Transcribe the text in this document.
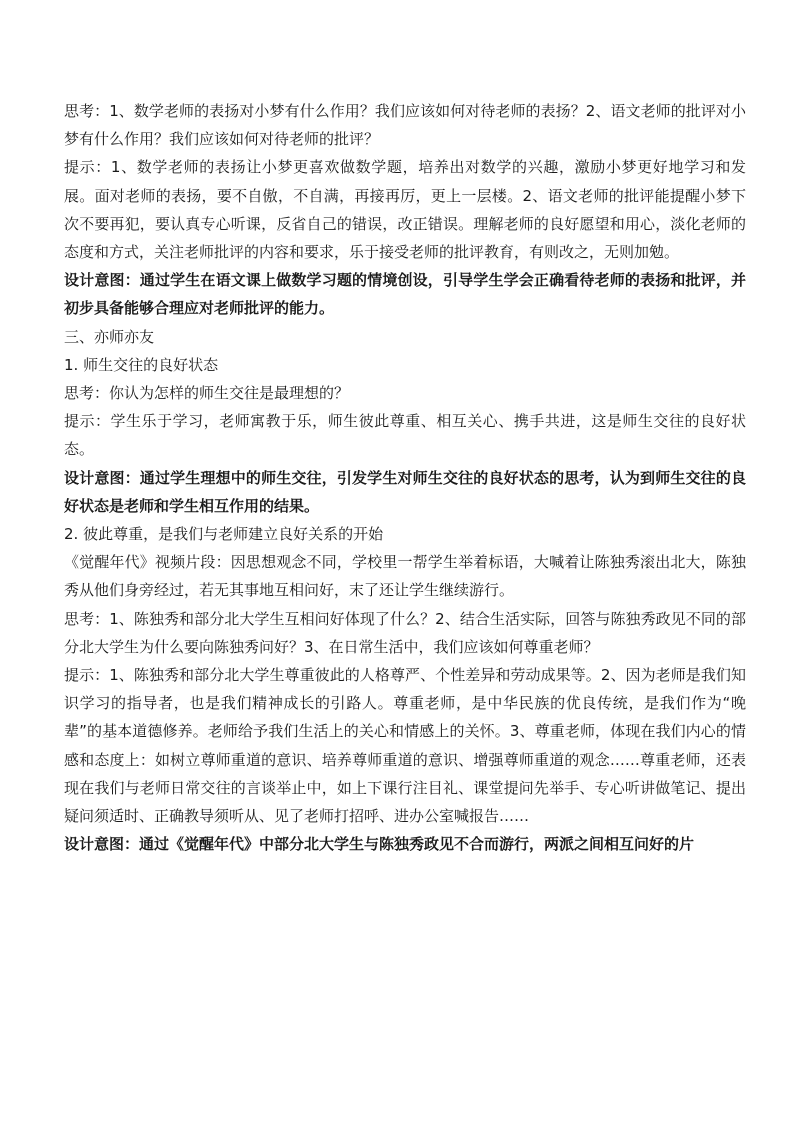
思考：1、数学老师的表扬对小梦有什么作用？我们应该如何对待老师的表扬？2、语文老师的批评对小梦有什么作用？我们应该如何对待老师的批评？

提示：1、数学老师的表扬让小梦更喜欢做数学题，培养出对数学的兴趣，激励小梦更好地学习和发展。面对老师的表扬，要不自傲，不自满，再接再厉，更上一层楼。2、语文老师的批评能提醒小梦下次不要再犯，要认真专心听课，反省自己的错误，改正错误。理解老师的良好愿望和用心，淡化老师的态度和方式，关注老师批评的内容和要求，乐于接受老师的批评教育，有则改之，无则加勉。

设计意图：通过学生在语文课上做数学习题的情境创设，引导学生学会正确看待老师的表扬和批评，并初步具备能够合理应对老师批评的能力。

三、亦师亦友

1. 师生交往的良好状态

思考：你认为怎样的师生交往是最理想的？

提示：学生乐于学习，老师寓教于乐，师生彼此尊重、相互关心、携手共进，这是师生交往的良好状态。

设计意图：通过学生理想中的师生交往，引发学生对师生交往的良好状态的思考，认为到师生交往的良好状态是老师和学生相互作用的结果。

2. 彼此尊重，是我们与老师建立良好关系的开始

《觉醒年代》视频片段：因思想观念不同，学校里一帮学生举着标语，大喊着让陈独秀滚出北大，陈独秀从他们身旁经过，若无其事地互相问好，末了还让学生继续游行。

思考：1、陈独秀和部分北大学生互相问好体现了什么？2、结合生活实际，回答与陈独秀政见不同的部分北大学生为什么要向陈独秀问好？3、在日常生活中，我们应该如何尊重老师？

提示：1、陈独秀和部分北大学生尊重彼此的人格尊严、个性差异和劳动成果等。2、因为老师是我们知识学习的指导者，也是我们精神成长的引路人。尊重老师，是中华民族的优良传统，是我们作为“晚辈”的基本道德修养。老师给予我们生活上的关心和情感上的关怀。3、尊重老师，体现在我们内心的情感和态度上：如树立尊师重道的意识、培养尊师重道的意识、增强尊师重道的观念……尊重老师，还表现在我们与老师日常交往的言谈举止中，如上下课行注目礼、课堂提问先举手、专心听讲做笔记、提出疑问须适时、正确教导须听从、见了老师打招呼、进办公室喊报告……

设计意图：通过《觉醒年代》中部分北大学生与陈独秀政见不合而游行，两派之间相互问好的片
